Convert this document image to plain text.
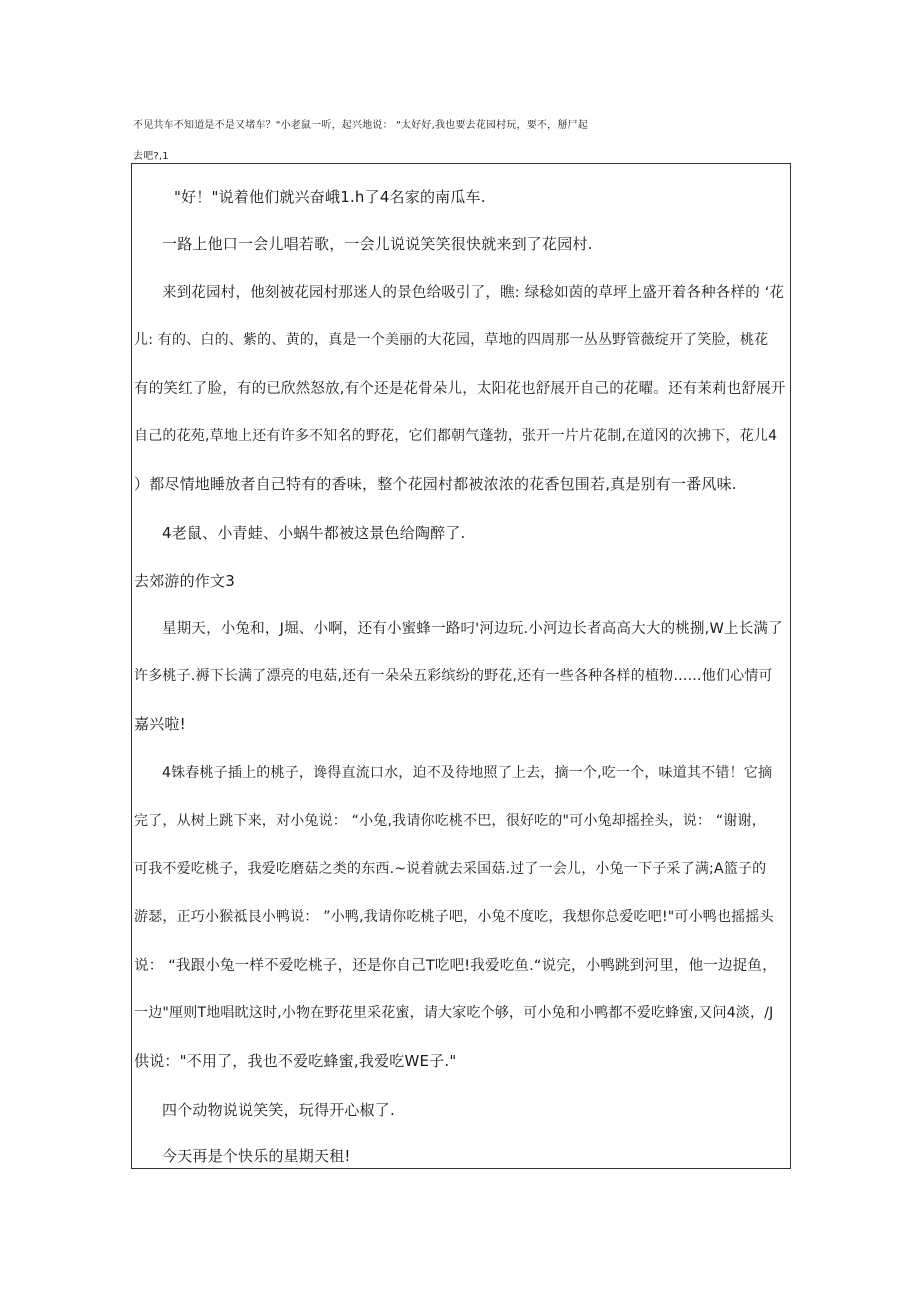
不见共车不知道是不是又堵车？"小老鼠一听，起兴地说： "太好好,我也要去花园村玩，要不，掰尸起
去吧?,1

"好！"说着他们就兴奋峨1.h了4名家的南瓜车.

一路上他口一会儿唱若歌，一会儿说说笑笑很快就来到了花园村.

来到花园村，他刻被花园村那迷人的景色给吸引了，瞧: 绿稔如茵的草坪上盛开着各种各样的 ‘花

儿: 有的、白的、紫的、黄的，真是一个美丽的大花园，草地的四周那一丛丛野管薇绽开了笑脸，桃花

有的笑红了脸，有的已欣然怒放,有个还是花骨朵儿，太阳花也舒展开自己的花曜。还有茉莉也舒展开

自己的花苑,草地上还有许多不知名的野花，它们都朝气蓬勃，张开一片片花制,在道冈的次拂下，花儿4

）都尽情地睡放者自己特有的香味，整个花园村都被浓浓的花香包围若,真是别有一番风味.

4老鼠、小青蛙、小蜗牛都被这景色给陶醉了.

去郊游的作文3

星期天，小兔和，J堀、小啊，还有小蜜蜂一路叼'河边玩.小河边长者高高大大的桃捌,W上长满了

许多桃子.褥下长满了漂亮的电菇,还有一朵朵五彩缤纷的野花,还有一些各种各样的植物……他们心情可

嘉兴啦!

4铢春桃子插上的桃子，谗得直流口水，迫不及待地照了上去，摘一个,吃一个，味道其不错！它摘

完了，从树上跳下来，对小兔说： “小兔,我请你吃桃不巴，很好吃的"可小兔却摇拴头，说： “谢谢，

可我不爱吃桃子，我爱吃磨菇之类的东西.~说着就去采国菇.过了一会儿，小兔一下子采了满;A篮子的

游瑟，正巧小猴祗艮小鸭说： ”小鸭,我请你吃桃子吧，小兔不度吃，我想你总爱吃吧!"可小鸭也摇摇头

说： “我跟小兔一样不爱吃桃子，还是你自己T吃吧!我爱吃鱼.“说完，小鸭跳到河里，他一边捉鱼，

一边"厘则T地唱眈这时,小物在野花里采花蜜，请大家吃个够，可小兔和小鸭都不爱吃蜂蜜,又问4淡，/J

供说："不用了，我也不爱吃蜂蜜,我爱吃WE子."

四个动物说说笑笑，玩得开心椒了.

今天再是个快乐的星期天租!
